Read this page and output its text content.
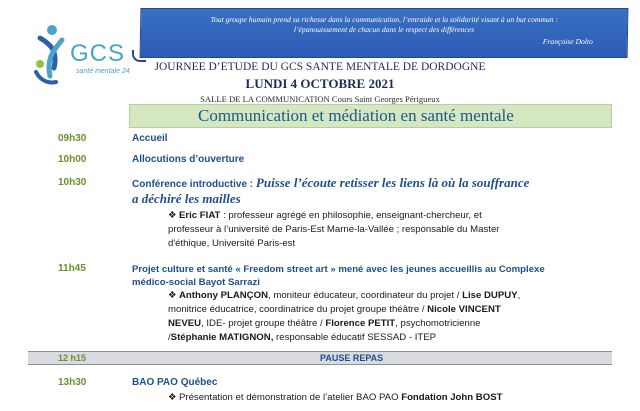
GCS
santé mentale 24
Tout groupe humain prend sa richesse dans la communication, l’entraide et la solidarité visant à un but commun :
l’épanouissement de chacun dans le respect des différences
Françoise Dolto
JOURNEE D’ETUDE DU GCS SANTE MENTALE DE DORDOGNE
LUNDI 4 OCTOBRE 2021
SALLE DE LA COMMUNICATION Cours Saint Georges Périgueux
Communication et médiation en santé mentale
09h30	Accueil
10h00	Allocutions d’ouverture
10h30	Conférence introductive : Puisse l’écoute retisser les liens là où la souffrance
a déchiré les mailles
❖ Eric FIAT : professeur agrégé en philosophie, enseignant-chercheur, et
professeur à l’université de Paris-Est Marne-la-Vallée ; responsable du Master
d'éthique, Université Paris-est
11h45	Projet culture et santé « Freedom street art » mené avec les jeunes accueillis au Complexe
médico-social Bayot Sarrazi
❖ Anthony PLANÇON, moniteur éducateur, coordinateur du projet / Lise DUPUY,
monitrice éducatrice, coordinatrice du projet groupe théâtre / Nicole VINCENT
NEVEU, IDE- projet groupe théâtre / Florence PETIT, psychomotricienne
/Stéphanie MATIGNON, responsable éducatif SESSAD - ITEP
12 h15	PAUSE REPAS
13h30	BAO PAO Québec
❖ Présentation et démonstration de l’atelier BAO PAO Fondation John BOST
